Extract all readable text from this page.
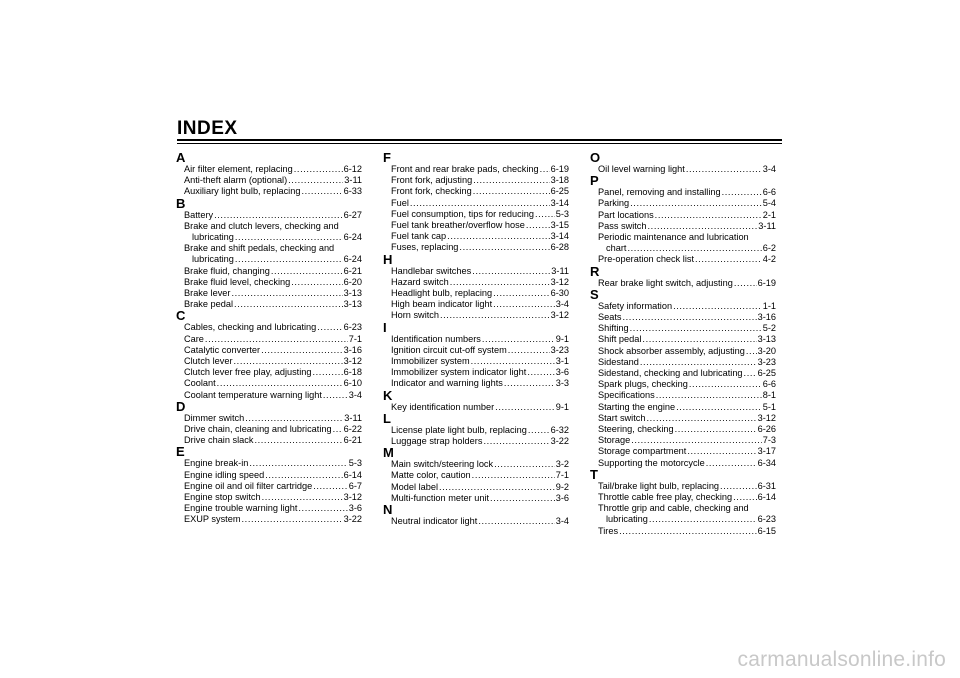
INDEX
A
Air filter element, replacing .....	6-12
Anti-theft alarm (optional) .....	3-11
Auxiliary light bulb, replacing .....	6-33
B
Battery .....	6-27
Brake and clutch levers, checking and
lubricating .....	6-24
Brake and shift pedals, checking and
lubricating .....	6-24
Brake fluid, changing .....	6-21
Brake fluid level, checking .....	6-20
Brake lever .....	3-13
Brake pedal .....	3-13
C
Cables, checking and lubricating .....	6-23
Care .....	7-1
Catalytic converter .....	3-16
Clutch lever .....	3-12
Clutch lever free play, adjusting .....	6-18
Coolant .....	6-10
Coolant temperature warning light .....	3-4
D
Dimmer switch .....	3-11
Drive chain, cleaning and lubricating ..... 6-22
Drive chain slack .....	6-21
E
Engine break-in .....	5-3
Engine idling speed .....	6-14
Engine oil and oil filter cartridge .....	6-7
Engine stop switch .....	3-12
Engine trouble warning light .....	3-6
EXUP system .....	3-22
F
Front and rear brake pads, checking ..... 6-19
Front fork, adjusting .....	3-18
Front fork, checking .....	6-25
Fuel .....	3-14
Fuel consumption, tips for reducing ..... 5-3
Fuel tank breather/overflow hose .....	3-15
Fuel tank cap .....	3-14
Fuses, replacing .....	6-28
H
Handlebar switches .....	3-11
Hazard switch .....	3-12
Headlight bulb, replacing .....	6-30
High beam indicator light .....	3-4
Horn switch .....	3-12
I
Identification numbers .....	9-1
Ignition circuit cut-off system .....	3-23
Immobilizer system .....	3-1
Immobilizer system indicator light .....	3-6
Indicator and warning lights .....	3-3
K
Key identification number .....	9-1
L
License plate light bulb, replacing .....	6-32
Luggage strap holders .....	3-22
M
Main switch/steering lock .....	3-2
Matte color, caution .....	7-1
Model label .....	9-2
Multi-function meter unit .....	3-6
N
Neutral indicator light .....	3-4
O
Oil level warning light .....	3-4
P
Panel, removing and installing .....	6-6
Parking .....	5-4
Part locations .....	2-1
Pass switch .....	3-11
Periodic maintenance and lubrication
chart .....	6-2
Pre-operation check list .....	4-2
R
Rear brake light switch, adjusting .....	6-19
S
Safety information .....	1-1
Seats .....	3-16
Shifting .....	5-2
Shift pedal .....	3-13
Shock absorber assembly, adjusting ..... 3-20
Sidestand .....	3-23
Sidestand, checking and lubricating ..... 6-25
Spark plugs, checking .....	6-6
Specifications .....	8-1
Starting the engine .....	5-1
Start switch .....	3-12
Steering, checking .....	6-26
Storage .....	7-3
Storage compartment .....	3-17
Supporting the motorcycle .....	6-34
T
Tail/brake light bulb, replacing .....	6-31
Throttle cable free play, checking .....	6-14
Throttle grip and cable, checking and
lubricating .....	6-23
Tires .....	6-15
carmanualsonline.info
